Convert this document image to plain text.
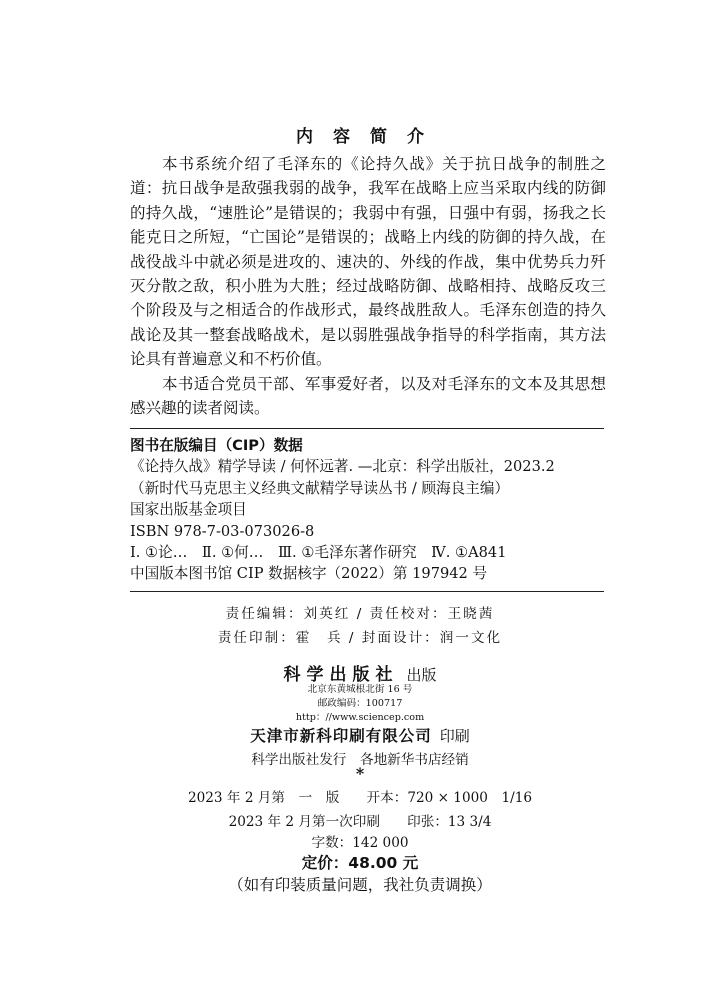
内容简介

本书系统介绍了毛泽东的《论持久战》关于抗日战争的制胜之道：抗日战争是敌强我弱的战争，我军在战略上应当采取内线的防御的持久战，“速胜论”是错误的；我弱中有强，日强中有弱，扬我之长能克日之所短，“亡国论”是错误的；战略上内线的防御的持久战，在战役战斗中就必须是进攻的、速决的、外线的作战，集中优势兵力歼灭分散之敌，积小胜为大胜；经过战略防御、战略相持、战略反攻三个阶段及与之相适合的作战形式，最终战胜敌人。毛泽东创造的持久战论及其一整套战略战术，是以弱胜强战争指导的科学指南，其方法论具有普遍意义和不朽价值。

本书适合党员干部、军事爱好者，以及对毛泽东的文本及其思想感兴趣的读者阅读。

图书在版编目（CIP）数据
《论持久战》精学导读 / 何怀远著. —北京：科学出版社，2023.2
（新时代马克思主义经典文献精学导读丛书 / 顾海良主编）
国家出版基金项目
ISBN 978-7-03-073026-8
Ⅰ. ①论…　Ⅱ. ①何…　Ⅲ. ①毛泽东著作研究　Ⅳ. ①A841
中国版本图书馆 CIP 数据核字（2022）第 197942 号
责任编辑：刘英红 / 责任校对：王晓茜
责任印制：霍　兵 / 封面设计：润一文化
科学出版社 出版
北京东黄城根北街 16 号
邮政编码：100717
http：//www.sciencep.com
天津市新科印刷有限公司 印刷
科学出版社发行　各地新华书店经销
*
2023 年 2 月第　一　版　　开本：720 × 1000　1/16
2023 年 2 月第一次印刷　　印张：13 3/4
字数：142 000
定价：48.00 元
（如有印装质量问题，我社负责调换）
